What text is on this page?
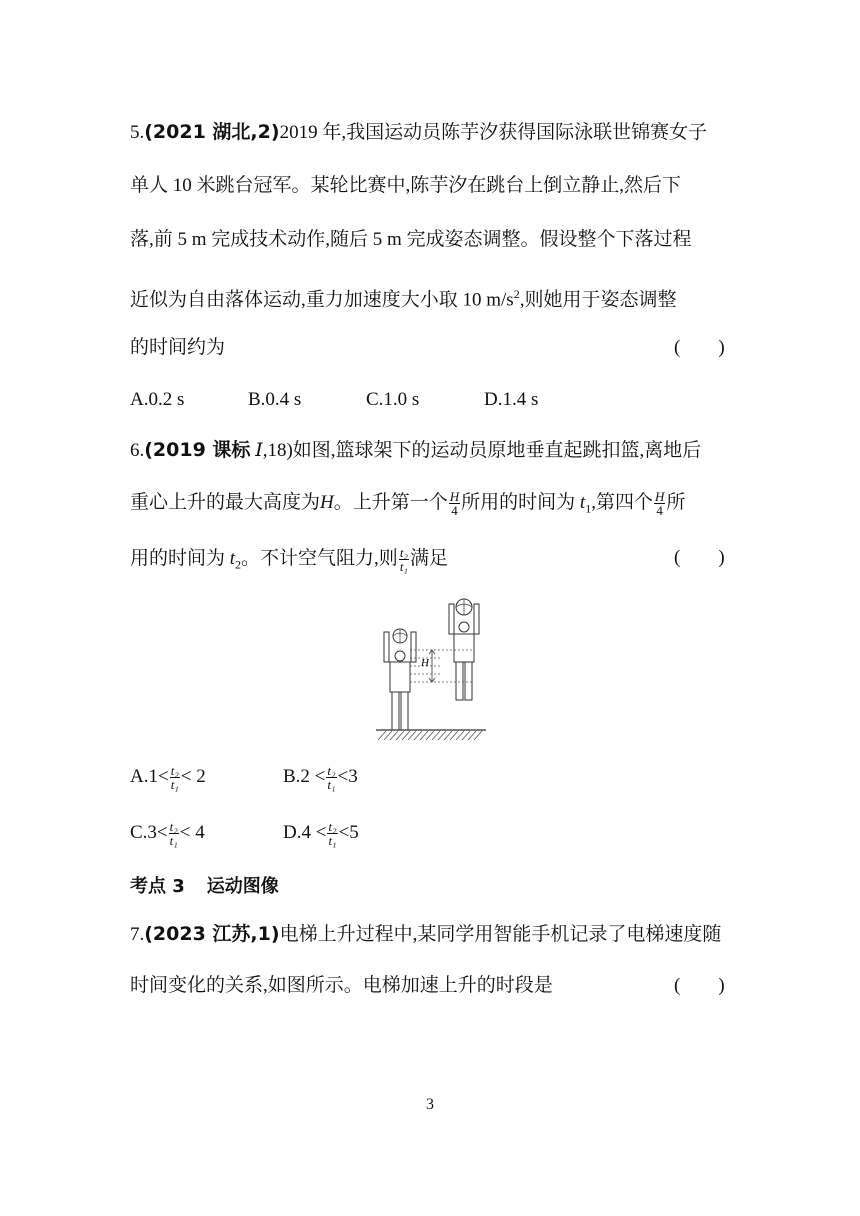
5.(2021 湖北,2)2019 年,我国运动员陈芋汐获得国际泳联世锦赛女子
单人 10 米跳台冠军。某轮比赛中,陈芋汐在跳台上倒立静止,然后下
落,前 5 m 完成技术动作,随后 5 m 完成姿态调整。假设整个下落过程
近似为自由落体运动,重力加速度大小取 10 $m/s^2$,则她用于姿态调整
的时间约为	(　　)
A.0.2 s	B.0.4 s	C.1.0 s	D.1.4 s
6.(2019 课标 Ⅰ,18)如图,篮球架下的运动员原地垂直起跳扣篮,离地后
重心上升的最大高度为H。上升第一个 $\frac{H}{4}$ 所用的时间为 $t_1$,第四个 $\frac{H}{4}$ 所
用的时间为 $t_2$。不计空气阻力,则 $\frac{\text{t₂}}{\text{t₁}}$ 满足	(　　)
H
$A.1< \frac{\text{t₂}}{\text{t₁}} < 2$	$B.2 < \frac{\text{t₂}}{\text{t₁}} <3$
$C.3< \frac{\text{t₂}}{\text{t₁}} < 4$	$D.4 < \frac{\text{t₂}}{\text{t₁}} <5$
考点 3 运动图像
7.(2023 江苏,1)电梯上升过程中,某同学用智能手机记录了电梯速度随
时间变化的关系,如图所示。电梯加速上升的时段是	(　　)
3
